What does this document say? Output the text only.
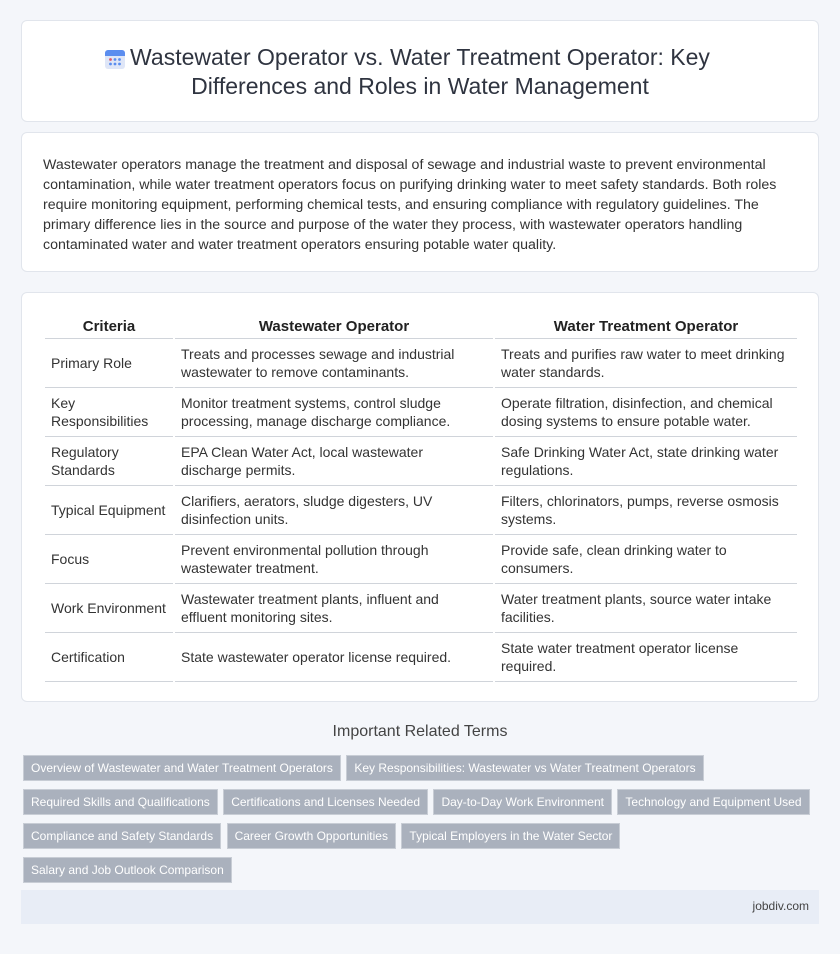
Wastewater Operator vs. Water Treatment Operator: Key
Differences and Roles in Water Management

Wastewater operators manage the treatment and disposal of sewage and industrial waste to prevent environmental contamination, while water treatment operators focus on purifying drinking water to meet safety standards. Both roles require monitoring equipment, performing chemical tests, and ensuring compliance with regulatory guidelines. The primary difference lies in the source and purpose of the water they process, with wastewater operators handling contaminated water and water treatment operators ensuring potable water quality.

Criteria	Wastewater Operator	Water Treatment Operator
Primary Role	Treats and processes sewage and industrial wastewater to remove contaminants.	Treats and purifies raw water to meet drinking water standards.
Key Responsibilities	Monitor treatment systems, control sludge processing, manage discharge compliance.	Operate filtration, disinfection, and chemical dosing systems to ensure potable water.
Regulatory Standards	EPA Clean Water Act, local wastewater discharge permits.	Safe Drinking Water Act, state drinking water regulations.
Typical Equipment	Clarifiers, aerators, sludge digesters, UV disinfection units.	Filters, chlorinators, pumps, reverse osmosis systems.
Focus	Prevent environmental pollution through wastewater treatment.	Provide safe, clean drinking water to consumers.
Work Environment	Wastewater treatment plants, influent and effluent monitoring sites.	Water treatment plants, source water intake facilities.
Certification	State wastewater operator license required.	State water treatment operator license required.
Important Related Terms
Overview of Wastewater and Water Treatment Operators Key Responsibilities: Wastewater vs Water Treatment Operators
Required Skills and Qualifications Certifications and Licenses Needed Day-to-Day Work Environment Technology and Equipment Used
Compliance and Safety Standards Career Growth Opportunities Typical Employers in the Water Sector
Salary and Job Outlook Comparison
jobdiv.com
